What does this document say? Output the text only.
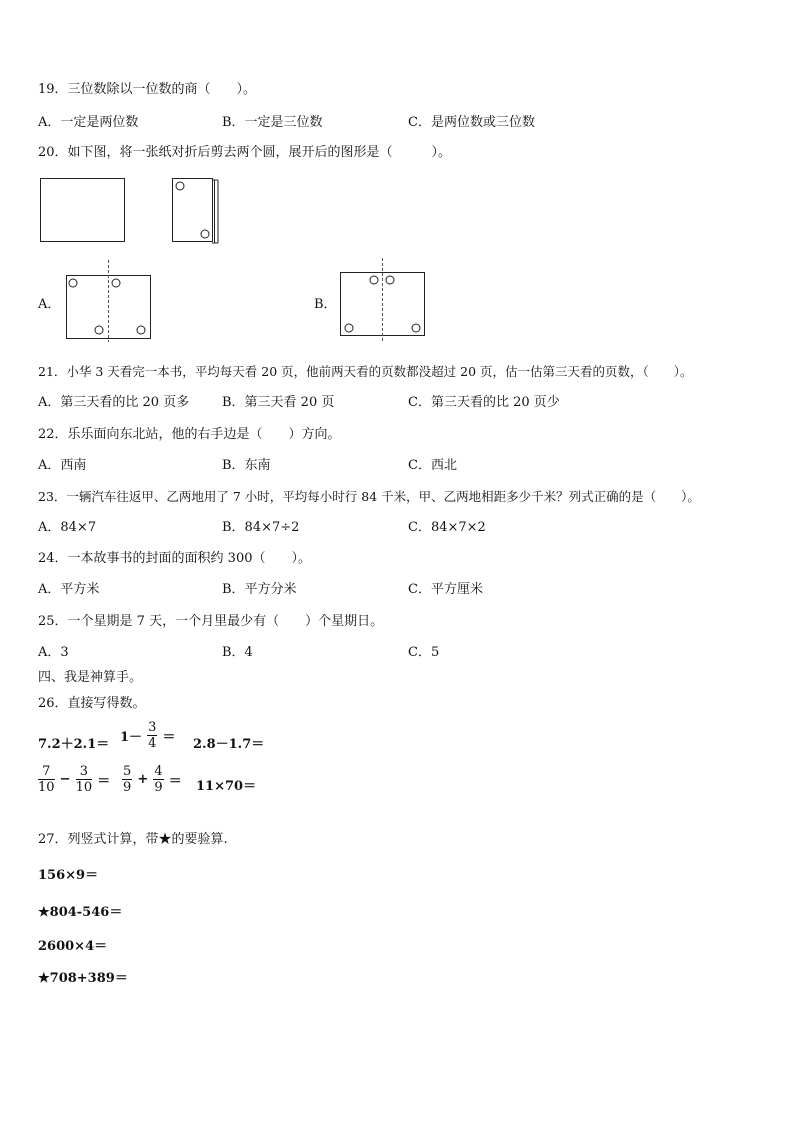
19．三位数除以一位数的商（　　）。
A．一定是两位数	B．一定是三位数	C．是两位数或三位数
20．如下图，将一张纸对折后剪去两个圆，展开后的图形是（　　　）。
A．	B．
21．小华 3 天看完一本书，平均每天看 20 页，他前两天看的页数都没超过 20 页，估一估第三天看的页数，（　　）。
A．第三天看的比 20 页多	B．第三天看 20 页	C．第三天看的比 20 页少
22．乐乐面向东北站，他的右手边是（　　）方向。
A．西南	B．东南	C．西北
23．一辆汽车往返甲、乙两地用了 7 小时，平均每小时行 84 千米，甲、乙两地相距多少千米？列式正确的是（　　）。
A．84×7	B．84×7÷2	C．84×7×2
24．一本故事书的封面的面积约 300（　　）。
A．平方米	B．平方分米	C．平方厘米
25．一个星期是 7 天，一个月里最少有（　　）个星期日。
A．3	B．4	C．5
四、我是神算手。
26．直接写得数。
$7.2+2.1= 1- \frac{3}{4} = 2.8-1.7=$
$\frac{7}{10} - \frac{3}{10} = \frac{5}{9} + \frac{4}{9} = 11\times 70=$
27．列竖式计算，带★的要验算.
156×9＝
★804-546＝
2600×4＝
★708+389＝
